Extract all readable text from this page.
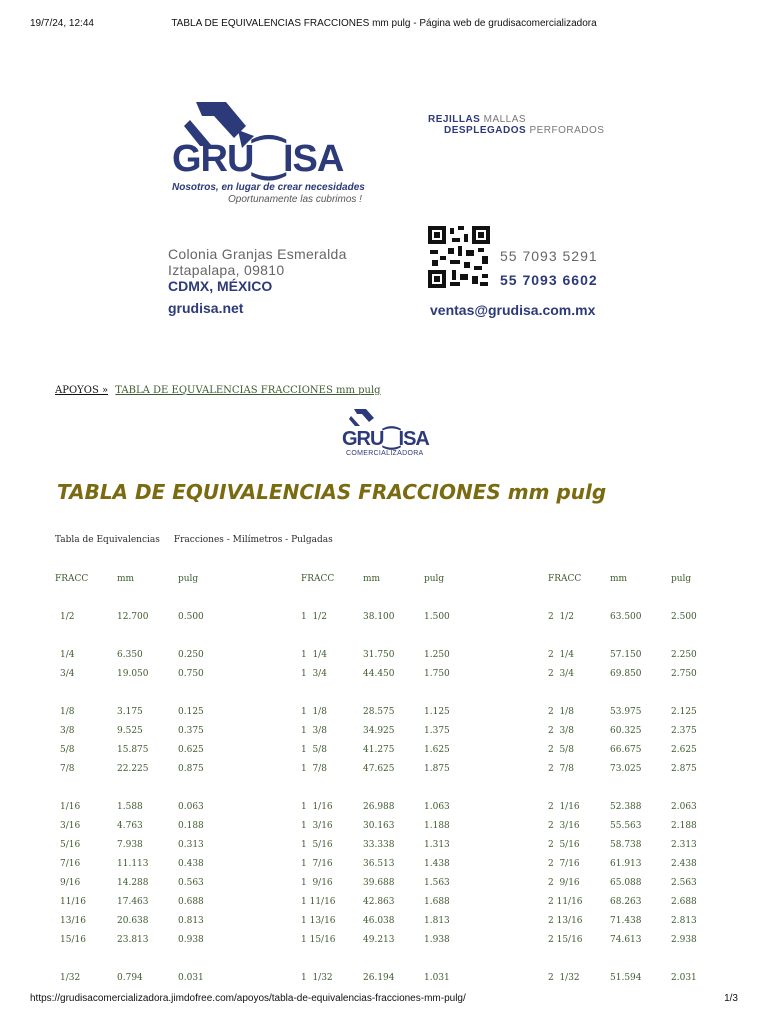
19/7/24, 12:44	TABLA DE EQUIVALENCIAS FRACCIONES mm pulg - Página web de grudisacomercializadora
GRU⁐ISA
Nosotros, en lugar de crear necesidades
Oportunamente las cubrimos !
REJILLAS MALLAS
DESPLEGADOS PERFORADOS
Colonia Granjas Esmeralda
Iztapalapa, 09810
CDMX, MÉXICO
grudisa.net
55 7093 5291
55 7093 6602
ventas@grudisa.com.mx
APOYOS » TABLA DE EQUVALENCIAS FRACCIONES mm pulg
GRU⁐ISA
COMERCIALIZADORA
TABLA DE EQUIVALENCIAS FRACCIONES mm pulg
Tabla de Equivalencias Fracciones - Milímetros - Pulgadas
FRACC	mm	pulg	FRACC	mm	pulg	FRACC	mm	pulg
1/2	12.700	0.500	1  1/2	38.100	1.500	2  1/2	63.500	2.500
1/4	6.350	0.250	1  1/4	31.750	1.250	2  1/4	57.150	2.250
3/4	19.050	0.750	1  3/4	44.450	1.750	2  3/4	69.850	2.750
1/8	3.175	0.125	1  1/8	28.575	1.125	2  1/8	53.975	2.125
3/8	9.525	0.375	1  3/8	34.925	1.375	2  3/8	60.325	2.375
5/8	15.875	0.625	1  5/8	41.275	1.625	2  5/8	66.675	2.625
7/8	22.225	0.875	1  7/8	47.625	1.875	2  7/8	73.025	2.875
1/16	1.588	0.063	1  1/16	26.988	1.063	2  1/16	52.388	2.063
3/16	4.763	0.188	1  3/16	30.163	1.188	2  3/16	55.563	2.188
5/16	7.938	0.313	1  5/16	33.338	1.313	2  5/16	58.738	2.313
7/16	11.113	0.438	1  7/16	36.513	1.438	2  7/16	61.913	2.438
9/16	14.288	0.563	1  9/16	39.688	1.563	2  9/16	65.088	2.563
11/16	17.463	0.688	1 11/16	42.863	1.688	2 11/16	68.263	2.688
13/16	20.638	0.813	1 13/16	46.038	1.813	2 13/16	71.438	2.813
15/16	23.813	0.938	1 15/16	49.213	1.938	2 15/16	74.613	2.938
1/32	0.794	0.031	1  1/32	26.194	1.031	2  1/32	51.594	2.031
https://grudisacomercializadora.jimdofree.com/apoyos/tabla-de-equivalencias-fracciones-mm-pulg/	1/3
